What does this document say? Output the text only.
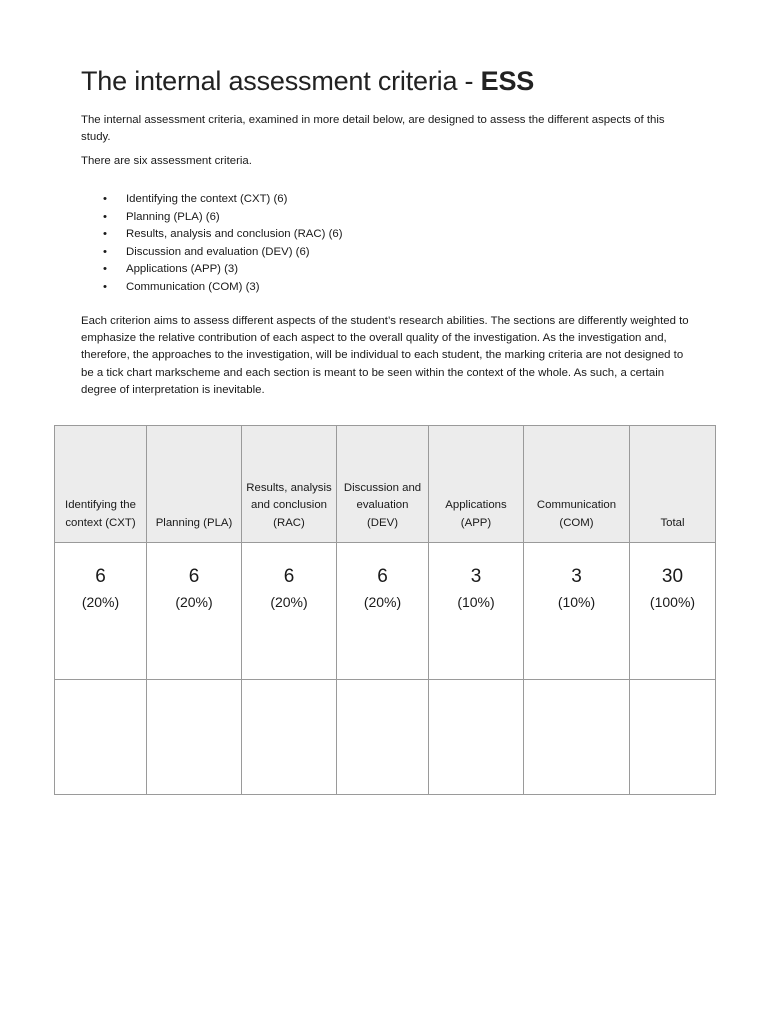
The internal assessment criteria - ESS

The internal assessment criteria, examined in more detail below, are designed to assess the different aspects of this study.

There are six assessment criteria.

• Identifying the context (CXT) (6)
• Planning (PLA) (6)
• Results, analysis and conclusion (RAC) (6)
• Discussion and evaluation (DEV) (6)
• Applications (APP) (3)
• Communication (COM) (3)

Each criterion aims to assess different aspects of the student’s research abilities. The sections are differently weighted to emphasize the relative contribution of each aspect to the overall quality of the investigation. As the investigation and, therefore, the approaches to the investigation, will be individual to each student, the marking criteria are not designed to be a tick chart markscheme and each section is meant to be seen within the context of the whole. As such, a certain degree of interpretation is inevitable.

Identifying the context (CXT)	Planning (PLA)	Results, analysis and conclusion (RAC)	Discussion and evaluation (DEV)	Applications (APP)	Communication (COM)	Total

6
(20%)	6
(20%)	6
(20%)	6
(20%)	3
(10%)	3
(10%)	30
(100%)
